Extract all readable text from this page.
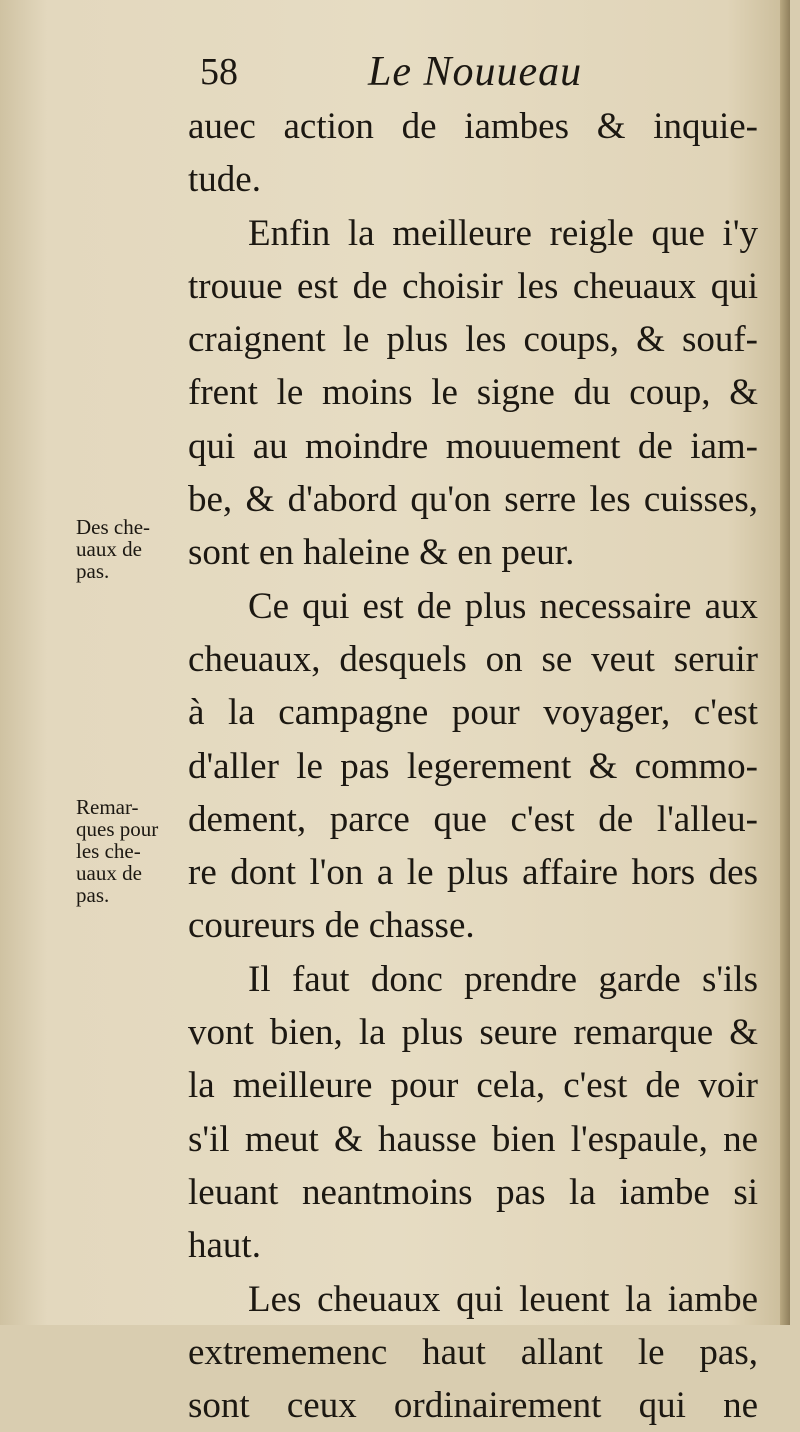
58	Le Nouueau
auec action de iambes & inquie-
tude.
Enfin la meilleure reigle que i'y
trouue est de choisir les cheuaux qui
craignent le plus les coups, & souf-
frent le moins le signe du coup, &
qui au moindre mouuement de iam-
be, & d'abord qu'on serre les cuisses,
sont en haleine & en peur.
Ce qui est de plus necessaire aux
cheuaux, desquels on se veut seruir
à la campagne pour voyager, c'est
d'aller le pas legerement & commo-
dement, parce que c'est de l'alleu-
re dont l'on a le plus affaire hors des
coureurs de chasse.
Il faut donc prendre garde s'ils
vont bien, la plus seure remarque &
la meilleure pour cela, c'est de voir
s'il meut & hausse bien l'espaule, ne
leuant neantmoins pas la iambe si
haut.
Les cheuaux qui leuent la iambe
extrememenc haut allant le pas,
sont ceux ordinairement qui ne
Des che-
uaux de
pas.
Remar-
ques pour
les che-
uaux de
pas.
